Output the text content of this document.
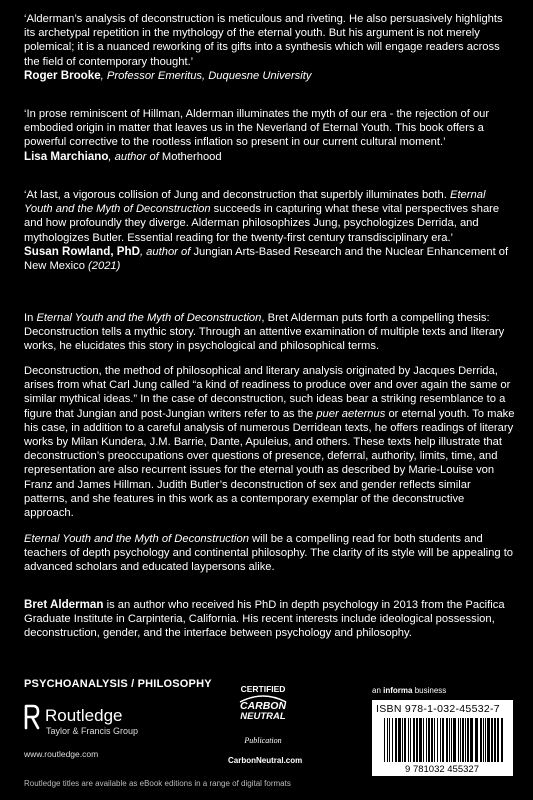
‘Alderman’s analysis of deconstruction is meticulous and riveting. He also persuasively highlights its archetypal repetition in the mythology of the eternal youth. But his argument is not merely polemical; it is a nuanced reworking of its gifts into a synthesis which will engage readers across the field of contemporary thought.’

Roger Brooke, Professor Emeritus, Duquesne University

‘In prose reminiscent of Hillman, Alderman illuminates the myth of our era - the rejection of our embodied origin in matter that leaves us in the Neverland of Eternal Youth. This book offers a powerful corrective to the rootless inflation so present in our current cultural moment.’

Lisa Marchiano, author of Motherhood

‘At last, a vigorous collision of Jung and deconstruction that superbly illuminates both. Eternal Youth and the Myth of Deconstruction succeeds in capturing what these vital perspectives share and how profoundly they diverge. Alderman philosophizes Jung, psychologizes Derrida, and mythologizes Butler. Essential reading for the twenty-first century transdisciplinary era.’

Susan Rowland, PhD, author of Jungian Arts-Based Research and the Nuclear Enhancement of New Mexico (2021)

In Eternal Youth and the Myth of Deconstruction, Bret Alderman puts forth a compelling thesis: Deconstruction tells a mythic story. Through an attentive examination of multiple texts and literary works, he elucidates this story in psychological and philosophical terms.

Deconstruction, the method of philosophical and literary analysis originated by Jacques Derrida, arises from what Carl Jung called “a kind of readiness to produce over and over again the same or similar mythical ideas.” In the case of deconstruction, such ideas bear a striking resemblance to a figure that Jungian and post-Jungian writers refer to as the puer aeternus or eternal youth. To make his case, in addition to a careful analysis of numerous Derridean texts, he offers readings of literary works by Milan Kundera, J.M. Barrie, Dante, Apuleius, and others. These texts help illustrate that deconstruction’s preoccupations over questions of presence, deferral, authority, limits, time, and representation are also recurrent issues for the eternal youth as described by Marie-Louise von Franz and James Hillman. Judith Butler’s deconstruction of sex and gender reflects similar patterns, and she features in this work as a contemporary exemplar of the deconstructive approach.

Eternal Youth and the Myth of Deconstruction will be a compelling read for both students and teachers of depth psychology and continental philosophy. The clarity of its style will be appealing to advanced scholars and educated laypersons alike.

Bret Alderman is an author who received his PhD in depth psychology in 2013 from the Pacifica Graduate Institute in Carpinteria, California. His recent interests include ideological possession, deconstruction, gender, and the interface between psychology and philosophy.

PSYCHOANALYSIS / PHILOSOPHY
Routledge
Taylor & Francis Group
www.routledge.com
CERTIFIED
CARBON
NEUTRAL
Publication
CarbonNeutral.com
an informa business
ISBN 978-1-032-45532-7
9 781032 455327
Routledge titles are available as eBook editions in a range of digital formats
